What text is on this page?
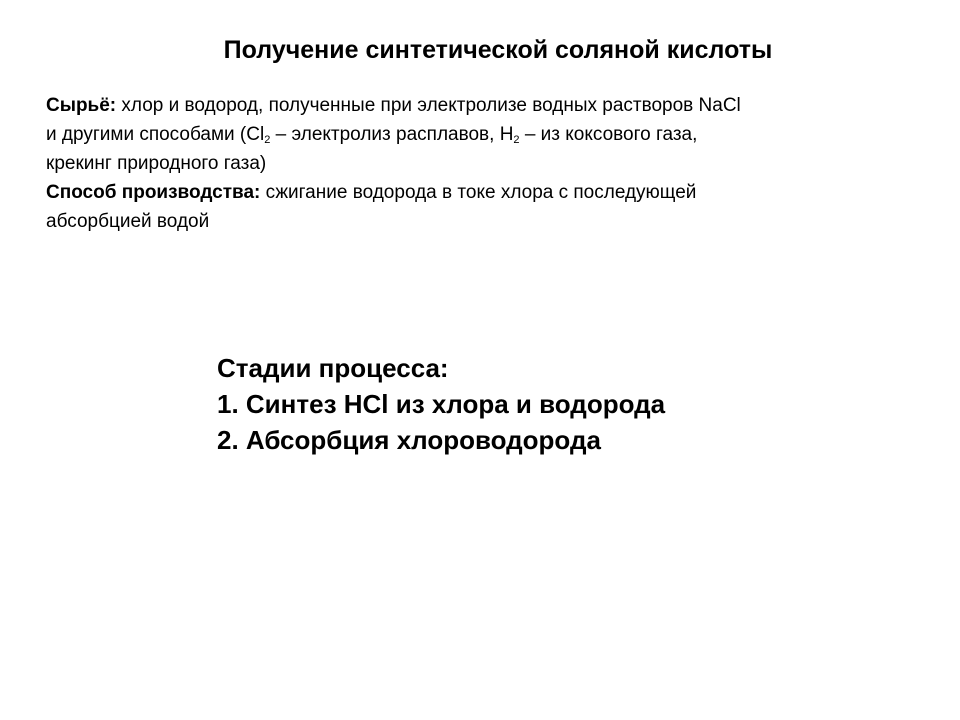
Получение синтетической соляной кислоты

Сырьё: хлор и водород, полученные при электролизе водных растворов NaCl

и другими способами ($Cl_2$ – электролиз расплавов, $H_2$ – из коксового газа,

крекинг природного газа)

Способ производства: сжигание водорода в токе хлора с последующей

абсорбцией водой

Стадии процесса:
1. Синтез HCl из хлора и водорода
2. Абсорбция хлороводорода
